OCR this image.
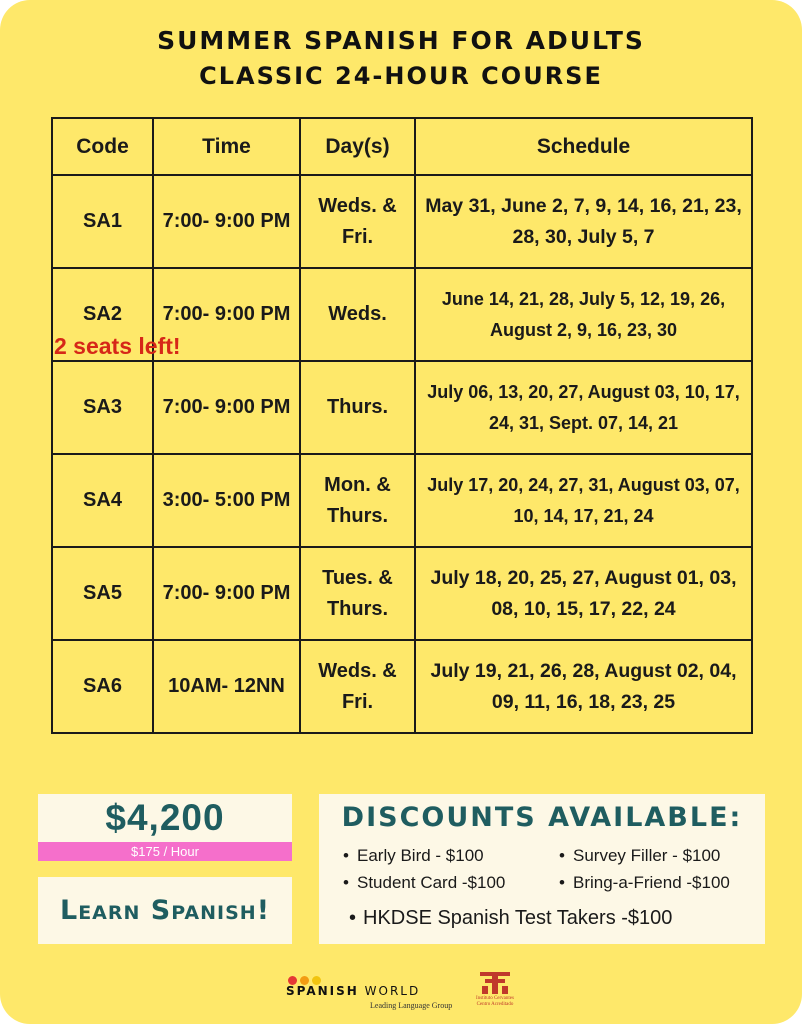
SUMMER SPANISH FOR ADULTS
CLASSIC 24-HOUR COURSE
Code	Time	Day(s)	Schedule
SA1	7:00- 9:00 PM	Weds. & Fri.	May 31, June 2, 7, 9, 14, 16, 21, 23, 28, 30, July 5, 7
SA2	7:00- 9:00 PM	Weds.	June 14, 21, 28, July 5, 12, 19, 26, August 2, 9, 16, 23, 30
SA3	7:00- 9:00 PM	Thurs.	July 06, 13, 20, 27, August 03, 10, 17, 24, 31, Sept. 07, 14, 21
SA4	3:00- 5:00 PM	Mon. & Thurs.	July 17, 20, 24, 27, 31, August 03, 07, 10, 14, 17, 21, 24
SA5	7:00- 9:00 PM	Tues. & Thurs.	July 18, 20, 25, 27, August 01, 03, 08, 10, 15, 17, 22, 24
SA6	10AM- 12NN	Weds. & Fri.	July 19, 21, 26, 28, August 02, 04, 09, 11, 16, 18, 23, 25
2 seats left!
$4,200
$175 / Hour
Learn Spanish!
DISCOUNTS AVAILABLE:
• Early Bird - $100	• Survey Filler - $100
• Student Card -$100	• Bring-a-Friend -$100
• HKDSE Spanish Test Takers -$100
SPANISH WORLD
Leading Language Group
Instituto Cervantes
Centro Acreditado
